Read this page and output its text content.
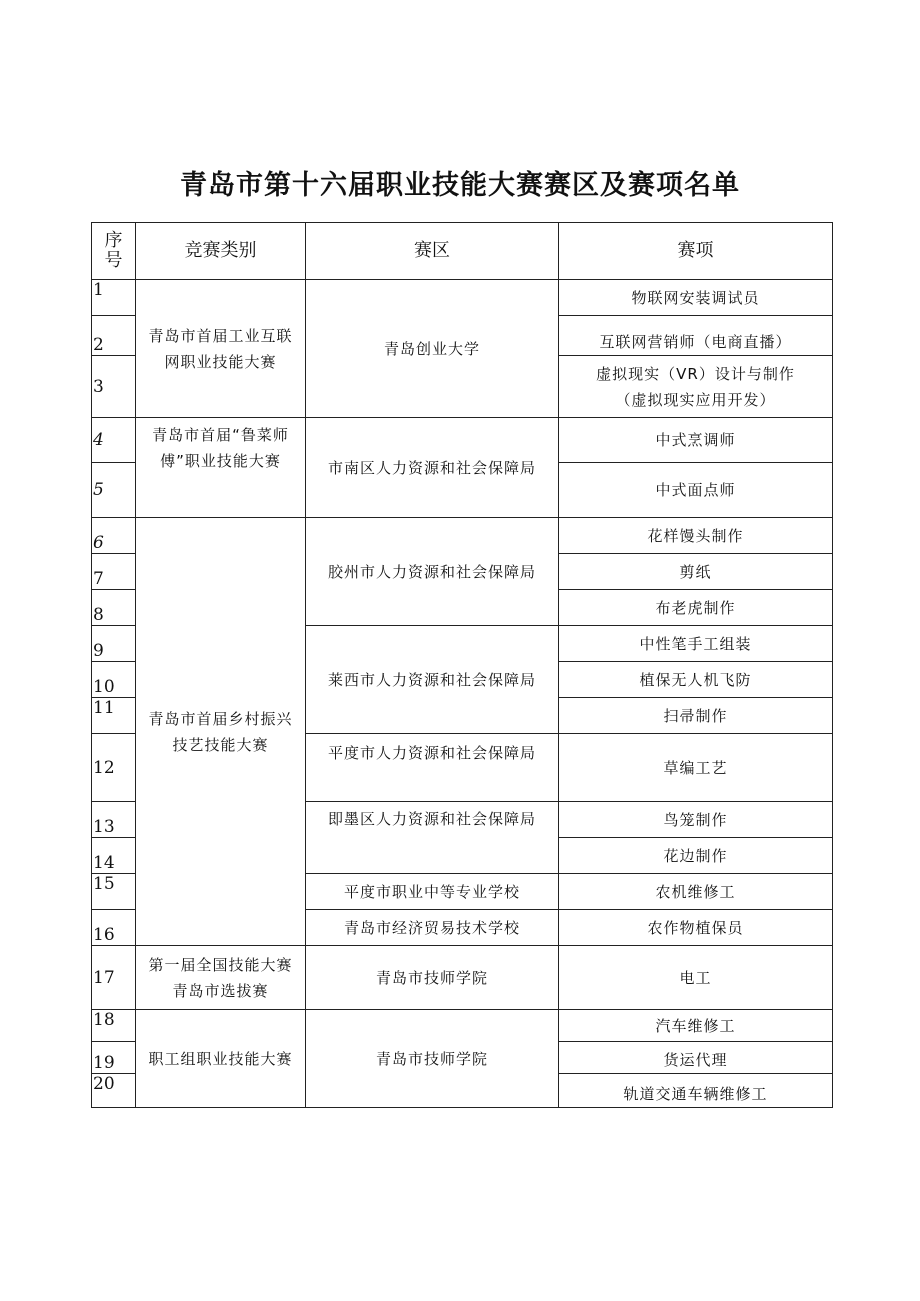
青岛市第十六届职业技能大赛赛区及赛项名单
序
号	竞赛类别	赛区	赛项
1	青岛市首届工业互联
网职业技能大赛	青岛创业大学	物联网安装调试员
2			互联网营销师（电商直播）
3			虚拟现实（VR）设计与制作
（虚拟现实应用开发）

4	青岛市首届“鲁菜师
傅”职业技能大赛	市南区人力资源和社会保障局	中式烹调师
5			中式面点师
6	青岛市首届乡村振兴
技艺技能大赛	胶州市人力资源和社会保障局	花样馒头制作
7			剪纸
8			布老虎制作
9		莱西市人力资源和社会保障局	中性笔手工组装
10			植保无人机飞防
11			扫帚制作
12		平度市人力资源和社会保障局	草编工艺
13		即墨区人力资源和社会保障局	鸟笼制作
14			花边制作
15		平度市职业中等专业学校	农机维修工
16		青岛市经济贸易技术学校	农作物植保员

17	第一届全国技能大赛
青岛市选拔赛	青岛市技师学院	电工
18	职工组职业技能大赛	青岛市技师学院	汽车维修工
19			货运代理
20			轨道交通车辆维修工
